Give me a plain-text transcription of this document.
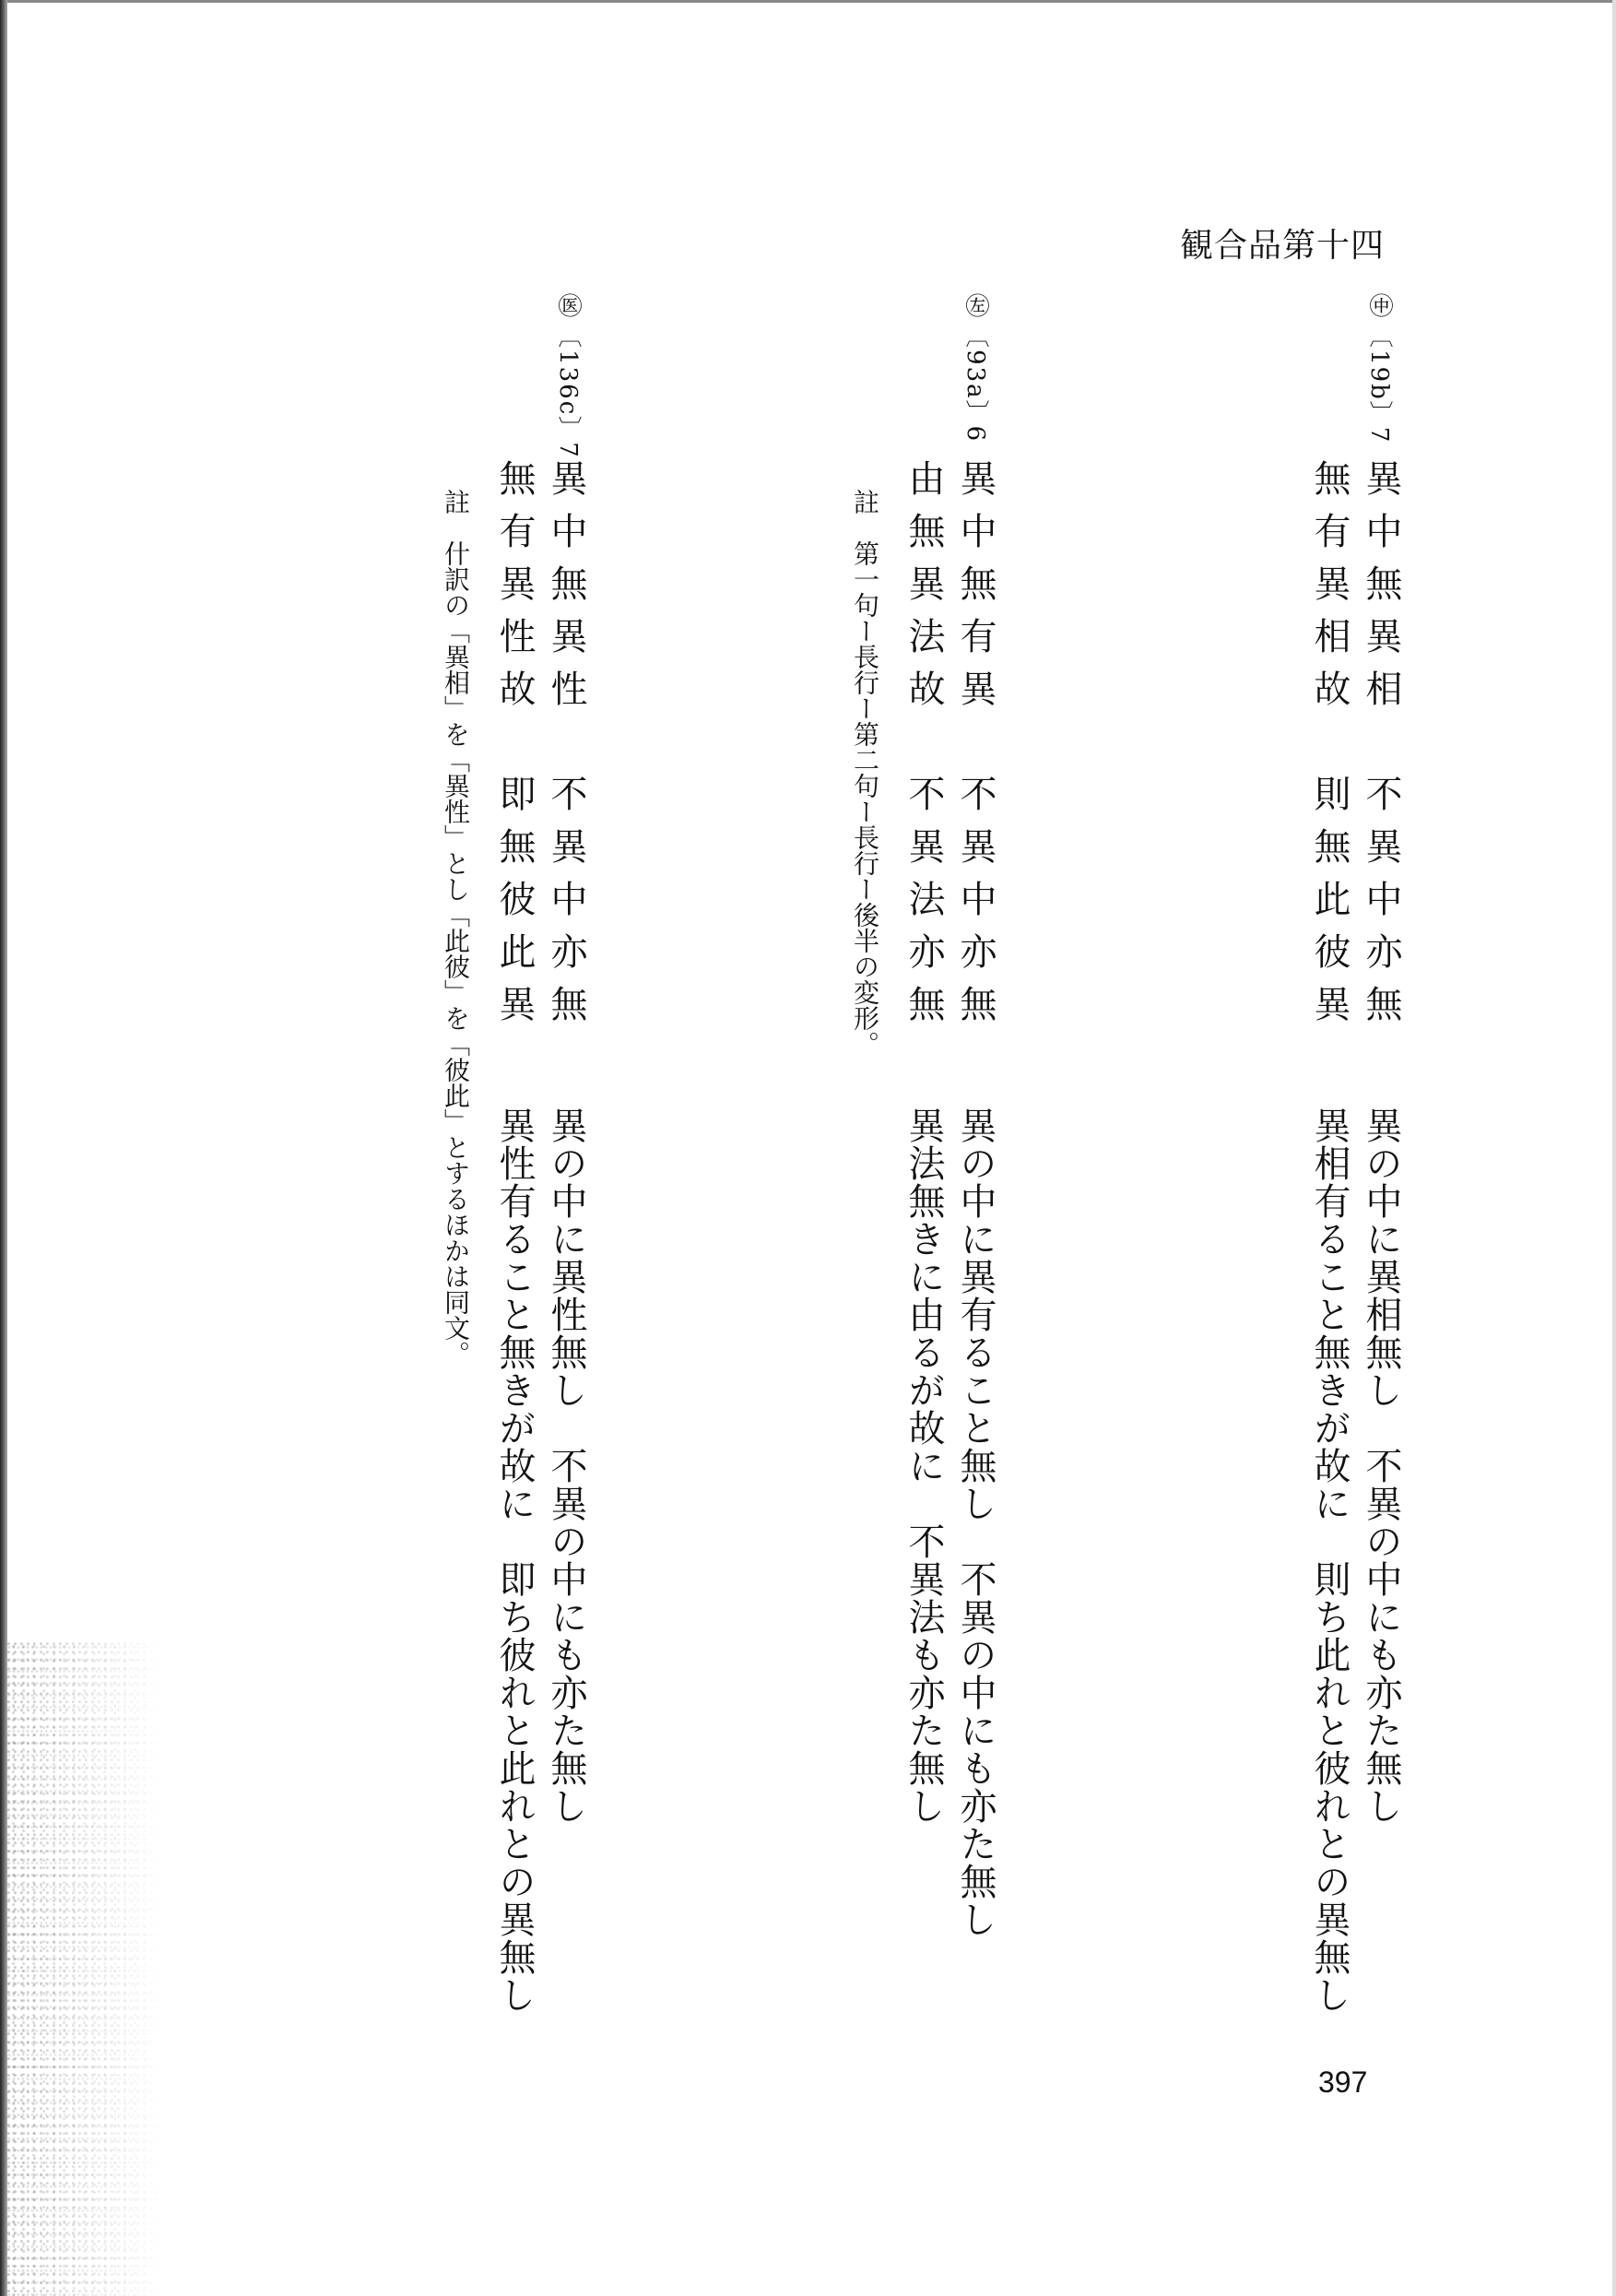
観合品第十四
㊥ 〔19b〕7
異中無異相　不異中亦無
無有異相故　則無此彼異
異の中に異相無し　不異の中にも亦た無し
異相有ること無きが故に　則ち此れと彼れとの異無し
㊧ 〔93a〕6
異中無有異　不異中亦無
由無異法故　不異法亦無
註　第一句ー長行ー第二句ー長行ー後半の変形。
異の中に異有ること無し　不異の中にも亦た無し
異法無きに由るが故に　不異法も亦た無し
㊩ 〔136c〕7
異中無異性　不異中亦無
無有異性故　即無彼此異
註　什訳の「異相」を「異性」とし「此彼」を「彼此」とするほかは同文。
異の中に異性無し　不異の中にも亦た無し
異性有ること無きが故に　即ち彼れと此れとの異無し
397
